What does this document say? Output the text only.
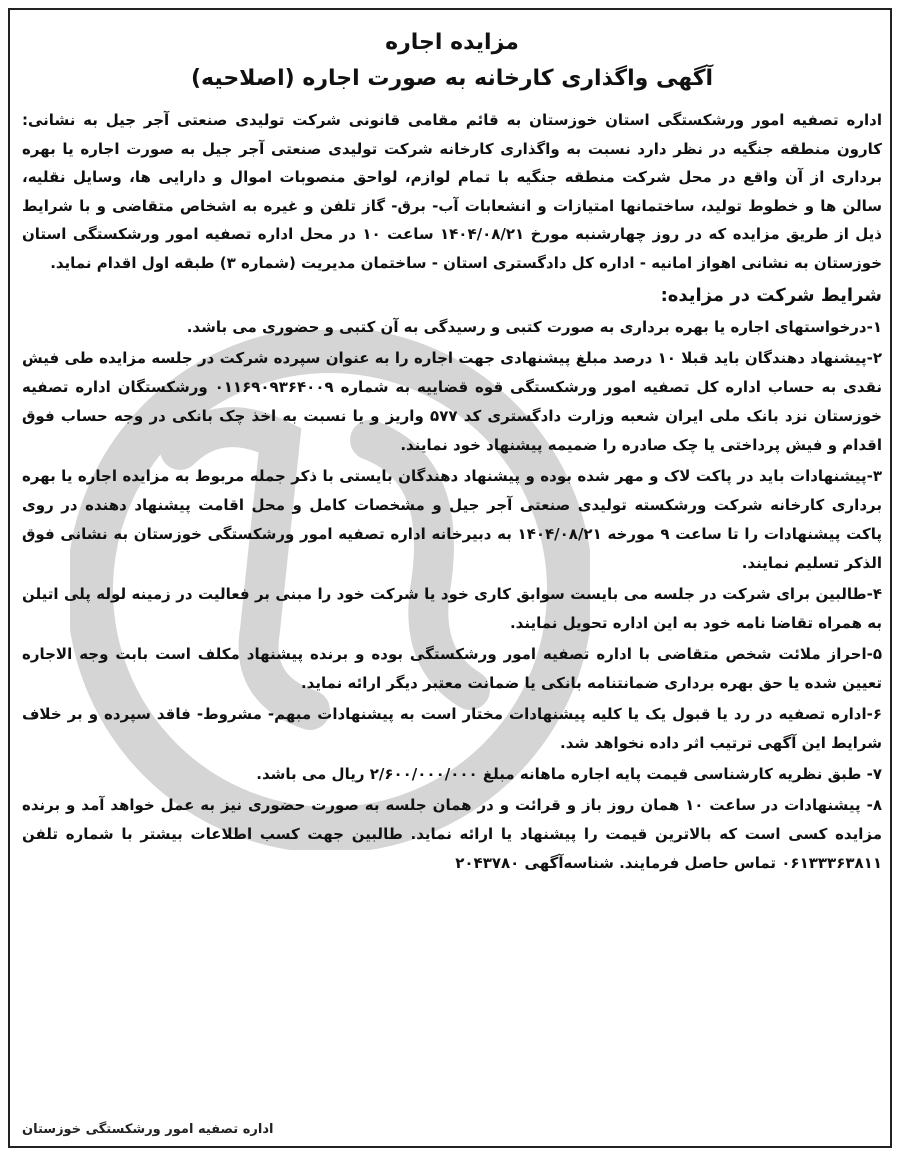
مزایده اجاره
آگهی واگذاری کارخانه به صورت اجاره (اصلاحیه)

اداره تصفیه امور ورشکستگی استان خوزستان به قائم مقامی قانونی شرکت تولیدی صنعتی آجر جیل به نشانی: کارون منطقه جنگیه در نظر دارد نسبت به واگذاری کارخانه شرکت تولیدی صنعتی آجر جیل به صورت اجاره یا بهره برداری از آن واقع در محل شرکت منطقه جنگیه با تمام لوازم، لواحق منصوبات اموال و دارایی ها، وسایل نقلیه، سالن ها و خطوط تولید، ساختمانها امتیازات و انشعابات آب- برق- گاز تلفن و غیره به اشخاص متقاضی و با شرایط ذیل از طریق مزایده که در روز چهارشنبه مورخ ۱۴۰۴/۰۸/۲۱ ساعت ۱۰ در محل اداره تصفیه امور ورشکستگی استان خوزستان به نشانی اهواز امانیه - اداره کل دادگستری استان - ساختمان مدیریت (شماره ۳) طبقه اول اقدام نماید.

شرایط شرکت در مزایده:

۱-درخواستهای اجاره یا بهره برداری به صورت کتبی و رسیدگی به آن کتبی و حضوری می باشد.

۲-پیشنهاد دهندگان باید قبلا ۱۰ درصد مبلغ پیشنهادی جهت اجاره را به عنوان سپرده شرکت در جلسه مزایده طی فیش نقدی به حساب اداره کل تصفیه امور ورشکستگی قوه قضاییه به شماره ۰۱۱۶۹۰۹۳۶۴۰۰۹ ورشکستگان اداره تصفیه خوزستان نزد بانک ملی ایران شعبه وزارت دادگستری کد ۵۷۷ واریز و یا نسبت به اخذ چک بانکی در وجه حساب فوق اقدام و فیش پرداختی یا چک صادره را ضمیمه پیشنهاد خود نمایند.

۳-پیشنهادات باید در پاکت لاک و مهر شده بوده و پیشنهاد دهندگان بایستی با ذکر جمله مربوط به مزایده اجاره یا بهره برداری کارخانه شرکت ورشکسته تولیدی صنعتی آجر جیل و مشخصات کامل و محل اقامت پیشنهاد دهنده در روی پاکت پیشنهادات را تا ساعت ۹ مورخه ۱۴۰۴/۰۸/۲۱ به دبیرخانه اداره تصفیه امور ورشکستگی خوزستان به نشانی فوق الذکر تسلیم نمایند.

۴-طالبین برای شرکت در جلسه می بایست سوابق کاری خود یا شرکت خود را مبنی بر فعالیت در زمینه لوله پلی اتیلن به همراه تقاضا نامه خود به این اداره تحویل نمایند.

۵-احراز ملائت شخص متقاضی با اداره تصفیه امور ورشکستگی بوده و برنده پیشنهاد مکلف است بابت وجه الاجاره تعیین شده یا حق بهره برداری ضمانتنامه بانکی یا ضمانت معتبر دیگر ارائه نماید.

۶-اداره تصفیه در رد یا قبول یک یا کلیه پیشنهادات مختار است به پیشنهادات مبهم- مشروط- فاقد سپرده و بر خلاف شرایط این آگهی ترتیب اثر داده نخواهد شد.

۷- طبق نظریه کارشناسی قیمت پایه اجاره ماهانه مبلغ ۲/۶۰۰/۰۰۰/۰۰۰ ریال می باشد.

۸- پیشنهادات در ساعت ۱۰ همان روز باز و قرائت و در همان جلسه به صورت حضوری نیز به عمل خواهد آمد و برنده مزایده کسی است که بالاترین قیمت را پیشنهاد یا ارائه نماید. طالبین جهت کسب اطلاعات بیشتر با شماره تلفن ۰۶۱۳۳۳۶۳۸۱۱ تماس حاصل فرمایند. شناسه‌آگهی ۲۰۴۳۷۸۰

اداره تصفیه امور ورشکستگی خوزستان
